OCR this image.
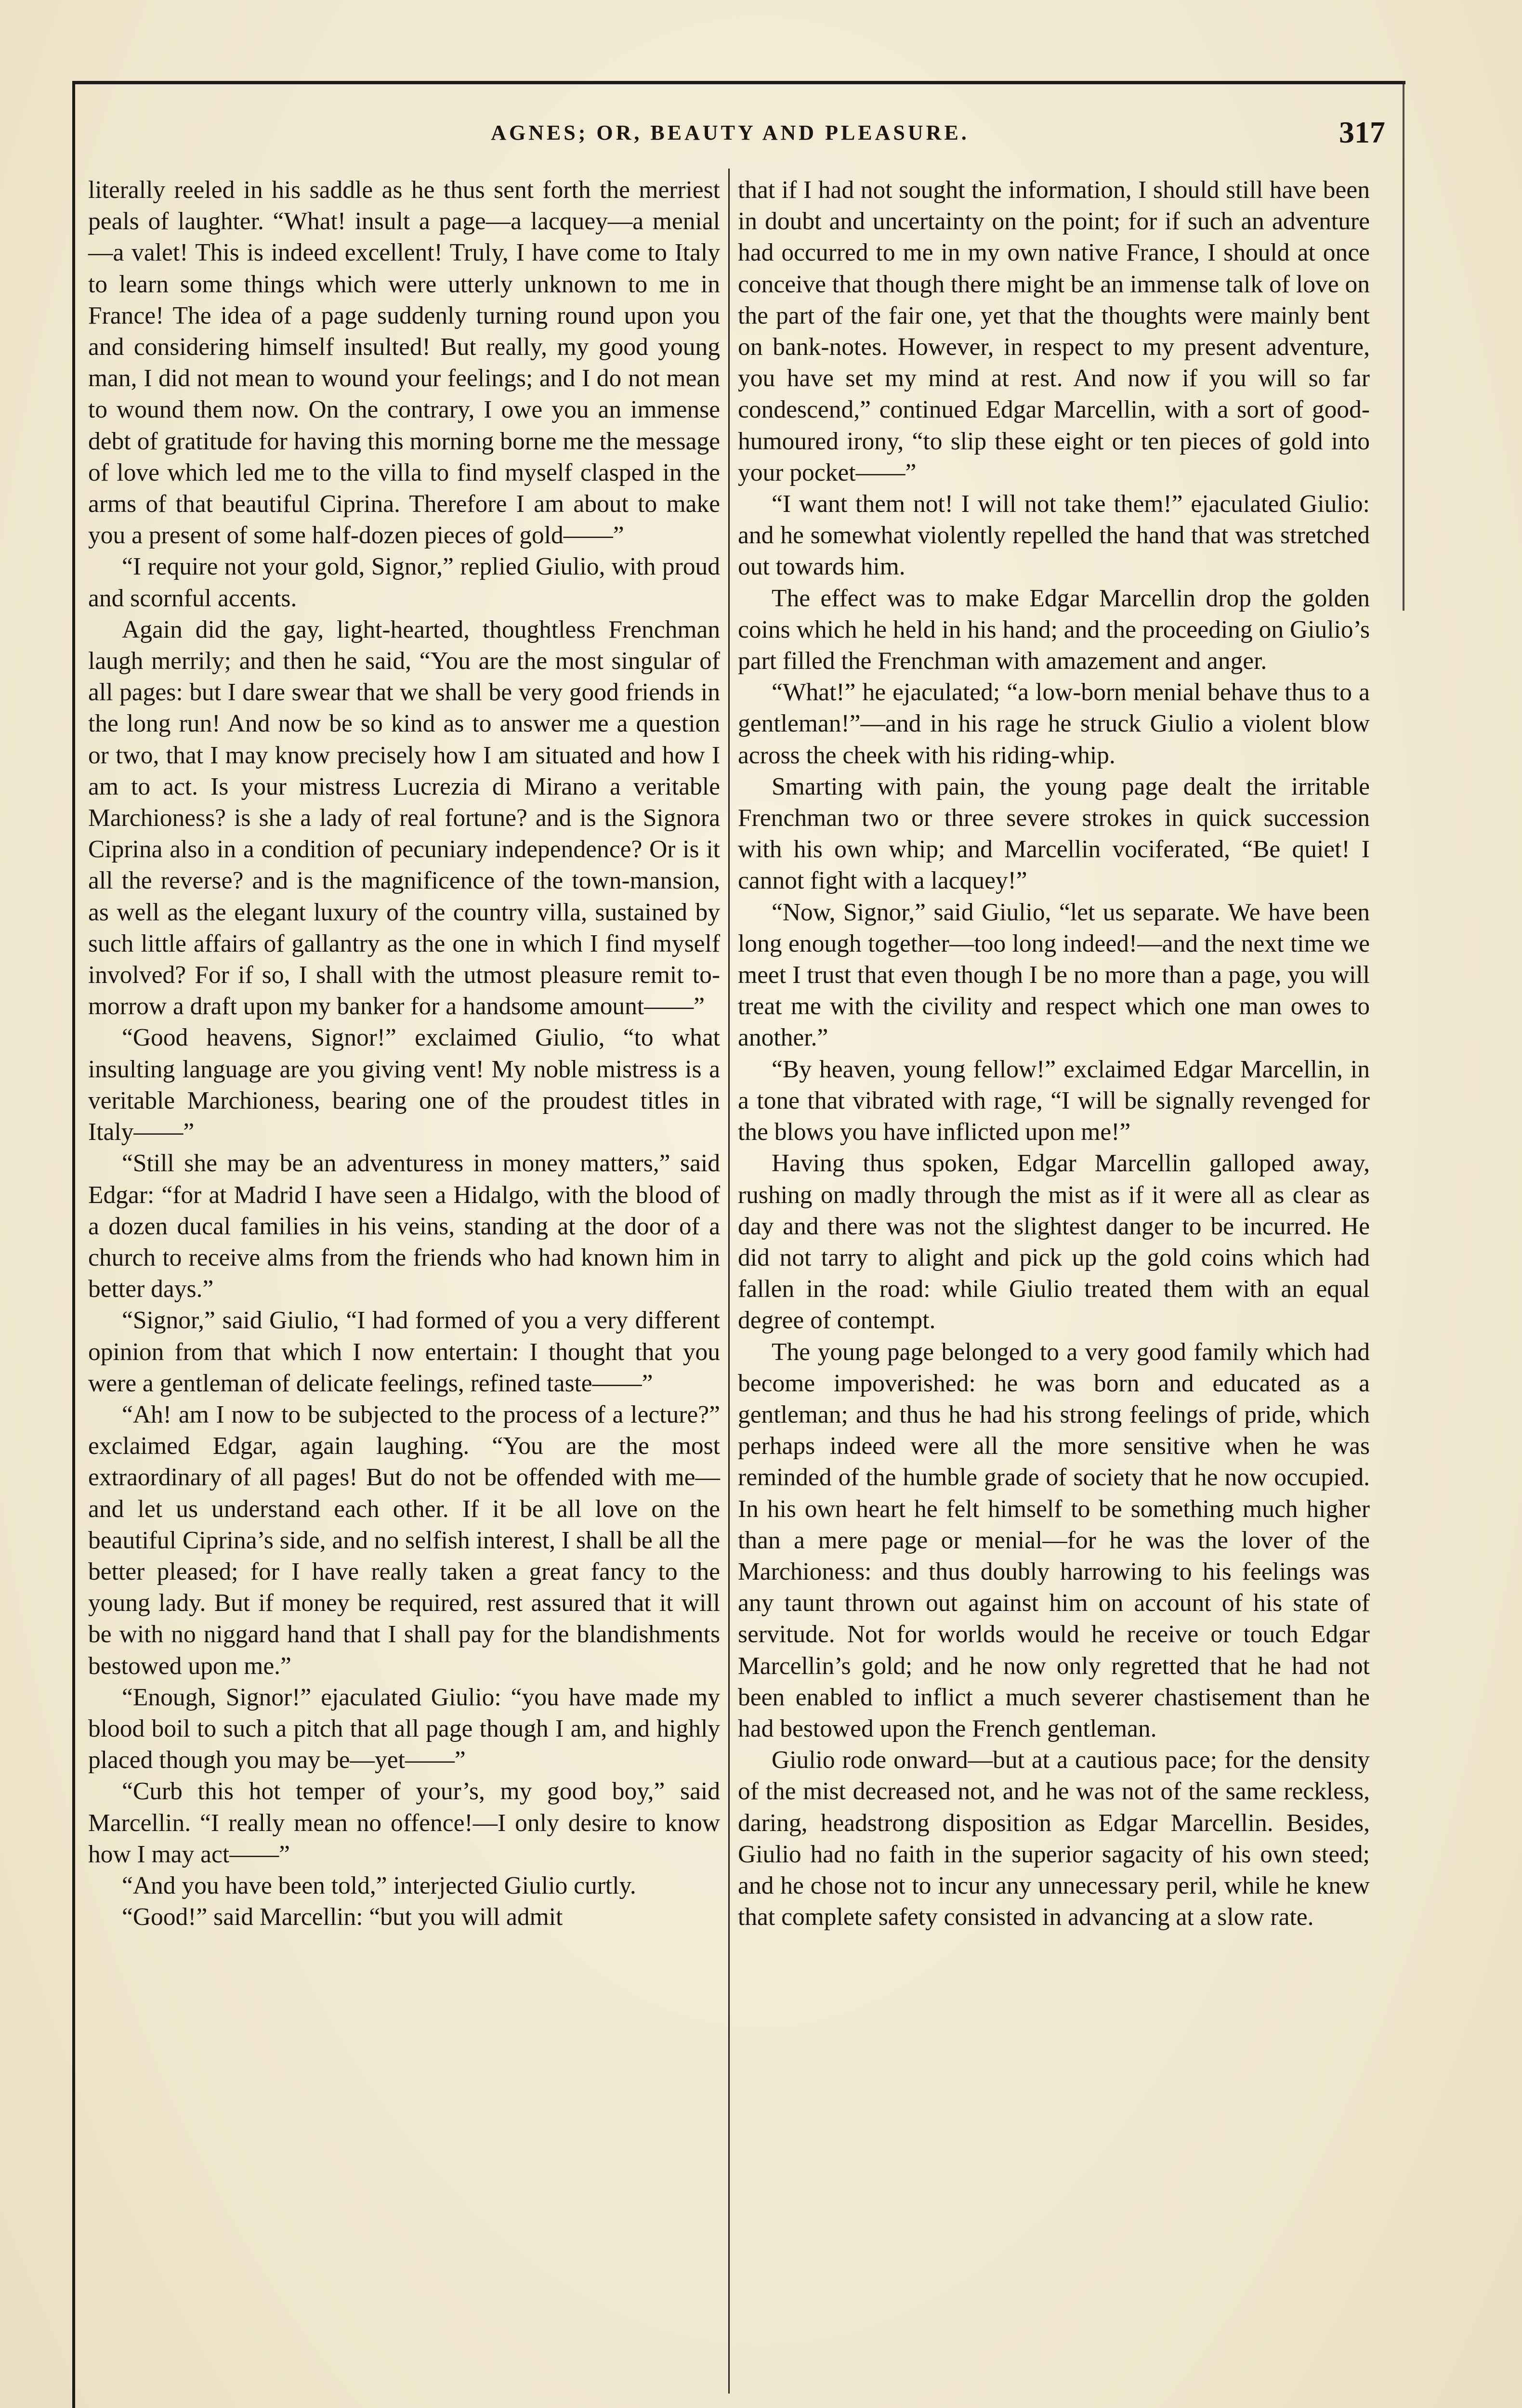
AGNES; OR, BEAUTY AND PLEASURE.	317

literally reeled in his saddle as he thus sent forth the merriest peals of laughter. “What! insult a page—a lacquey—a menial—a valet! This is indeed excellent! Truly, I have come to Italy to learn some things which were utterly unknown to me in France! The idea of a page suddenly turning round upon you and considering himself insulted! But really, my good young man, I did not mean to wound your feelings; and I do not mean to wound them now. On the contrary, I owe you an immense debt of gratitude for having this morning borne me the message of love which led me to the villa to find myself clasped in the arms of that beautiful Ciprina. Therefore I am about to make you a present of some half-dozen pieces of gold——”

“I require not your gold, Signor,” replied Giulio, with proud and scornful accents.

Again did the gay, light-hearted, thoughtless Frenchman laugh merrily; and then he said, “You are the most singular of all pages: but I dare swear that we shall be very good friends in the long run! And now be so kind as to answer me a question or two, that I may know precisely how I am situated and how I am to act. Is your mistress Lucrezia di Mirano a veritable Marchioness? is she a lady of real fortune? and is the Signora Ciprina also in a condition of pecuniary independence? Or is it all the reverse? and is the magnificence of the town-mansion, as well as the elegant luxury of the country villa, sustained by such little affairs of gallantry as the one in which I find myself involved? For if so, I shall with the utmost pleasure remit to-morrow a draft upon my banker for a handsome amount——”

“Good heavens, Signor!” exclaimed Giulio, “to what insulting language are you giving vent! My noble mistress is a veritable Marchioness, bearing one of the proudest titles in Italy——”

“Still she may be an adventuress in money matters,” said Edgar: “for at Madrid I have seen a Hidalgo, with the blood of a dozen ducal families in his veins, standing at the door of a church to receive alms from the friends who had known him in better days.”

“Signor,” said Giulio, “I had formed of you a very different opinion from that which I now entertain: I thought that you were a gentleman of delicate feelings, refined taste——”

“Ah! am I now to be subjected to the process of a lecture?” exclaimed Edgar, again laughing. “You are the most extraordinary of all pages! But do not be offended with me—and let us understand each other. If it be all love on the beautiful Ciprina’s side, and no selfish interest, I shall be all the better pleased; for I have really taken a great fancy to the young lady. But if money be required, rest assured that it will be with no niggard hand that I shall pay for the blandishments bestowed upon me.”

“Enough, Signor!” ejaculated Giulio: “you have made my blood boil to such a pitch that all page though I am, and highly placed though you may be—yet——”

“Curb this hot temper of your’s, my good boy,” said Marcellin. “I really mean no offence!—I only desire to know how I may act——”

“And you have been told,” interjected Giulio curtly.

“Good!” said Marcellin: “but you will admit

that if I had not sought the information, I should still have been in doubt and uncertainty on the point; for if such an adventure had occurred to me in my own native France, I should at once conceive that though there might be an immense talk of love on the part of the fair one, yet that the thoughts were mainly bent on bank-notes. However, in respect to my present adventure, you have set my mind at rest. And now if you will so far condescend,” continued Edgar Marcellin, with a sort of good-humoured irony, “to slip these eight or ten pieces of gold into your pocket——”

“I want them not! I will not take them!” ejaculated Giulio: and he somewhat violently repelled the hand that was stretched out towards him.

The effect was to make Edgar Marcellin drop the golden coins which he held in his hand; and the proceeding on Giulio’s part filled the Frenchman with amazement and anger.

“What!” he ejaculated; “a low-born menial behave thus to a gentleman!”—and in his rage he struck Giulio a violent blow across the cheek with his riding-whip.

Smarting with pain, the young page dealt the irritable Frenchman two or three severe strokes in quick succession with his own whip; and Marcellin vociferated, “Be quiet! I cannot fight with a lacquey!”

“Now, Signor,” said Giulio, “let us separate. We have been long enough together—too long indeed!—and the next time we meet I trust that even though I be no more than a page, you will treat me with the civility and respect which one man owes to another.”

“By heaven, young fellow!” exclaimed Edgar Marcellin, in a tone that vibrated with rage, “I will be signally revenged for the blows you have inflicted upon me!”

Having thus spoken, Edgar Marcellin galloped away, rushing on madly through the mist as if it were all as clear as day and there was not the slightest danger to be incurred. He did not tarry to alight and pick up the gold coins which had fallen in the road: while Giulio treated them with an equal degree of contempt.

The young page belonged to a very good family which had become impoverished: he was born and educated as a gentleman; and thus he had his strong feelings of pride, which perhaps indeed were all the more sensitive when he was reminded of the humble grade of society that he now occupied. In his own heart he felt himself to be something much higher than a mere page or menial—for he was the lover of the Marchioness: and thus doubly harrowing to his feelings was any taunt thrown out against him on account of his state of servitude. Not for worlds would he receive or touch Edgar Marcellin’s gold; and he now only regretted that he had not been enabled to inflict a much severer chastisement than he had bestowed upon the French gentleman.

Giulio rode onward—but at a cautious pace; for the density of the mist decreased not, and he was not of the same reckless, daring, headstrong disposition as Edgar Marcellin. Besides, Giulio had no faith in the superior sagacity of his own steed; and he chose not to incur any unnecessary peril, while he knew that complete safety consisted in advancing at a slow rate.
